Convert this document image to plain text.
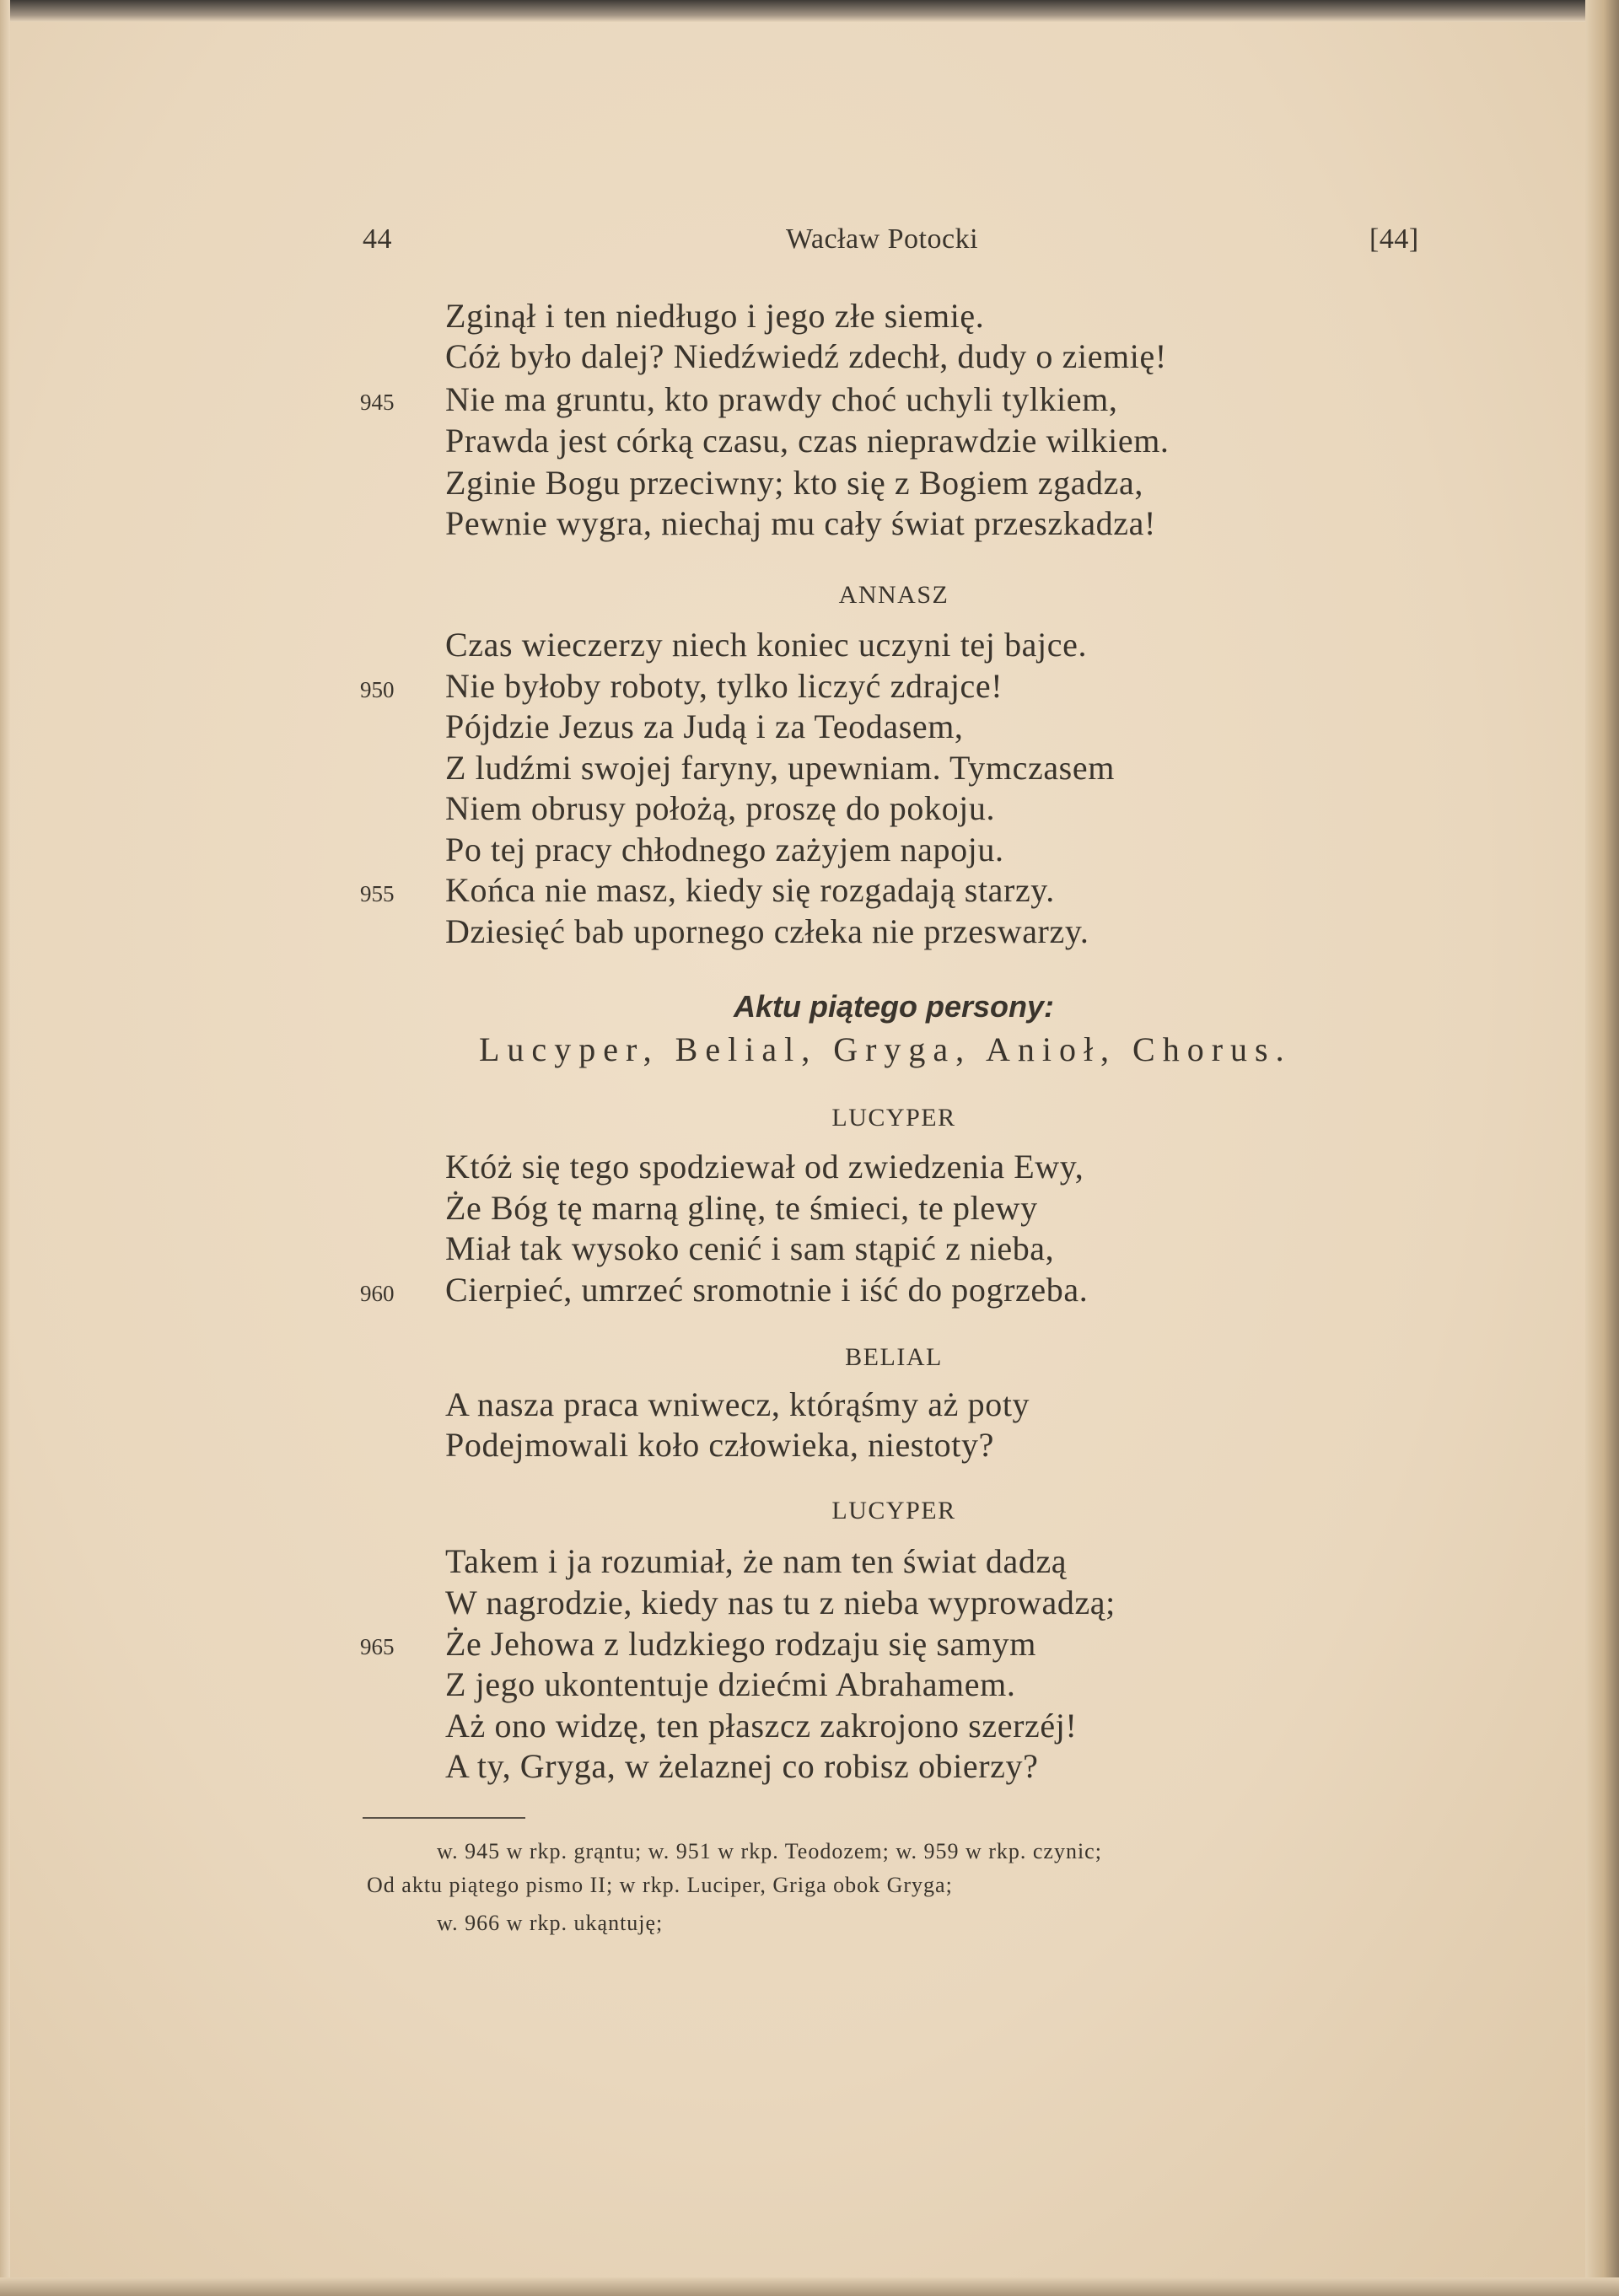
44	Wacław Potocki	[44]
Zginął i ten niedługo i jego złe siemię.
Cóż było dalej? Niedźwiedź zdechł, dudy o ziemię!
945 Nie ma gruntu, kto prawdy choć uchyli tylkiem,
Prawda jest córką czasu, czas nieprawdzie wilkiem.
Zginie Bogu przeciwny; kto się z Bogiem zgadza,
Pewnie wygra, niechaj mu cały świat przeszkadza!
ANNASZ
Czas wieczerzy niech koniec uczyni tej bajce.
950 Nie byłoby roboty, tylko liczyć zdrajce!
Pójdzie Jezus za Judą i za Teodasem,
Z ludźmi swojej faryny, upewniam. Tymczasem
Niem obrusy położą, proszę do pokoju.
Po tej pracy chłodnego zażyjem napoju.
955 Końca nie masz, kiedy się rozgadają starzy.
Dziesięć bab upornego człeka nie przeswarzy.
Aktu piątego persony:
Lucyper, Belial, Gryga, Anioł, Chorus.
LUCYPER
Któż się tego spodziewał od zwiedzenia Ewy,
Że Bóg tę marną glinę, te śmieci, te plewy
Miał tak wysoko cenić i sam stąpić z nieba,
960 Cierpieć, umrzeć sromotnie i iść do pogrzeba.
BELIAL
A nasza praca wniwecz, którąśmy aż poty
Podejmowali koło człowieka, niestoty?
LUCYPER
Takem i ja rozumiał, że nam ten świat dadzą
W nagrodzie, kiedy nas tu z nieba wyprowadzą;
965 Że Jehowa z ludzkiego rodzaju się samym
Z jego ukontentuje dziećmi Abrahamem.
Aż ono widzę, ten płaszcz zakrojono szerzéj!
A ty, Gryga, w żelaznej co robisz obierzy?
w. 945 w rkp. grąntu; w. 951 w rkp. Teodozem; w. 959 w rkp. czynic;
Od aktu piątego pismo II; w rkp. Luciper, Griga obok Gryga;
w. 966 w rkp. ukąntuję;
